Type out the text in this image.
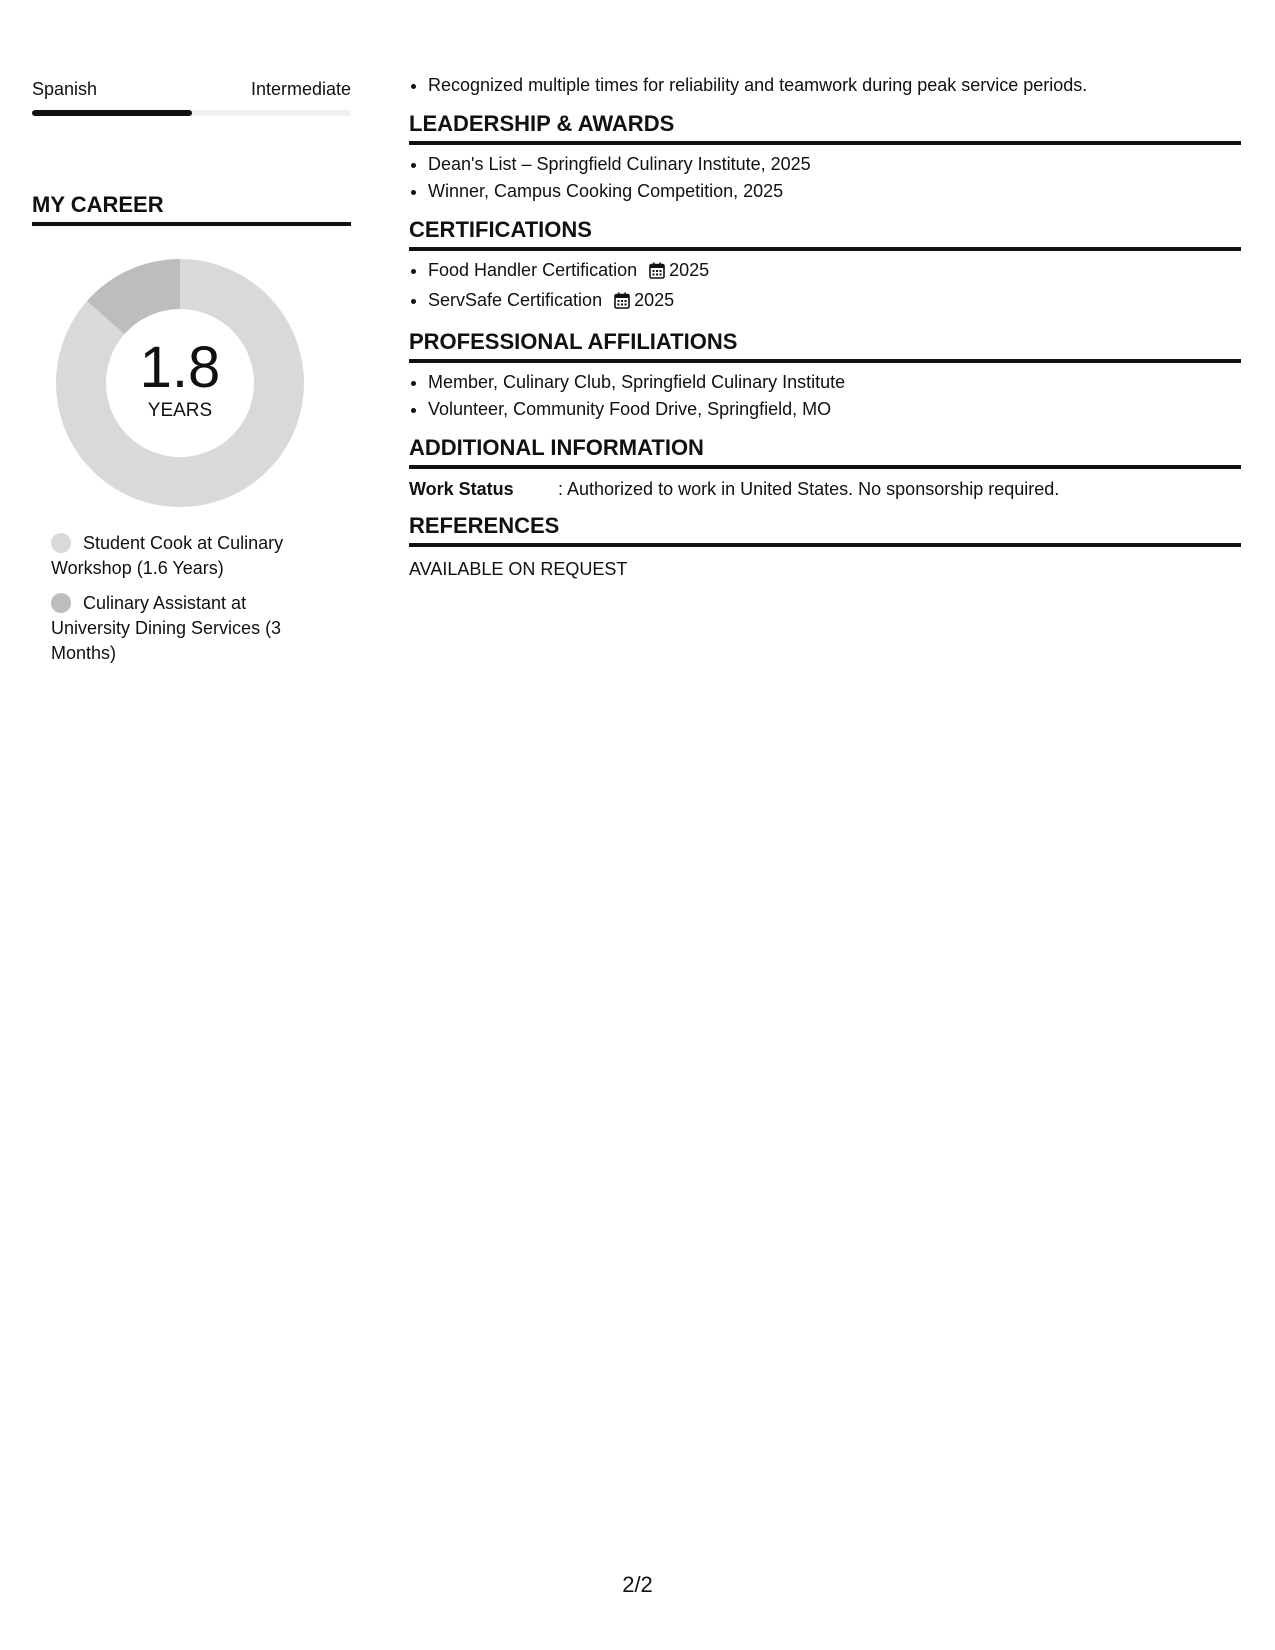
Spanish	Intermediate
MY CAREER
1.8
YEARS
Student Cook at Culinary Workshop (1.6 Years)
Culinary Assistant at University Dining Services (3 Months)
• Recognized multiple times for reliability and teamwork during peak service periods.
LEADERSHIP & AWARDS
• Dean's List – Springfield Culinary Institute, 2025
• Winner, Campus Cooking Competition, 2025
CERTIFICATIONS
• Food Handler Certification 2025
• ServSafe Certification 2025
PROFESSIONAL AFFILIATIONS
• Member, Culinary Club, Springfield Culinary Institute
• Volunteer, Community Food Drive, Springfield, MO
ADDITIONAL INFORMATION
Work Status	: Authorized to work in United States. No sponsorship required.
REFERENCES
AVAILABLE ON REQUEST
2/2
